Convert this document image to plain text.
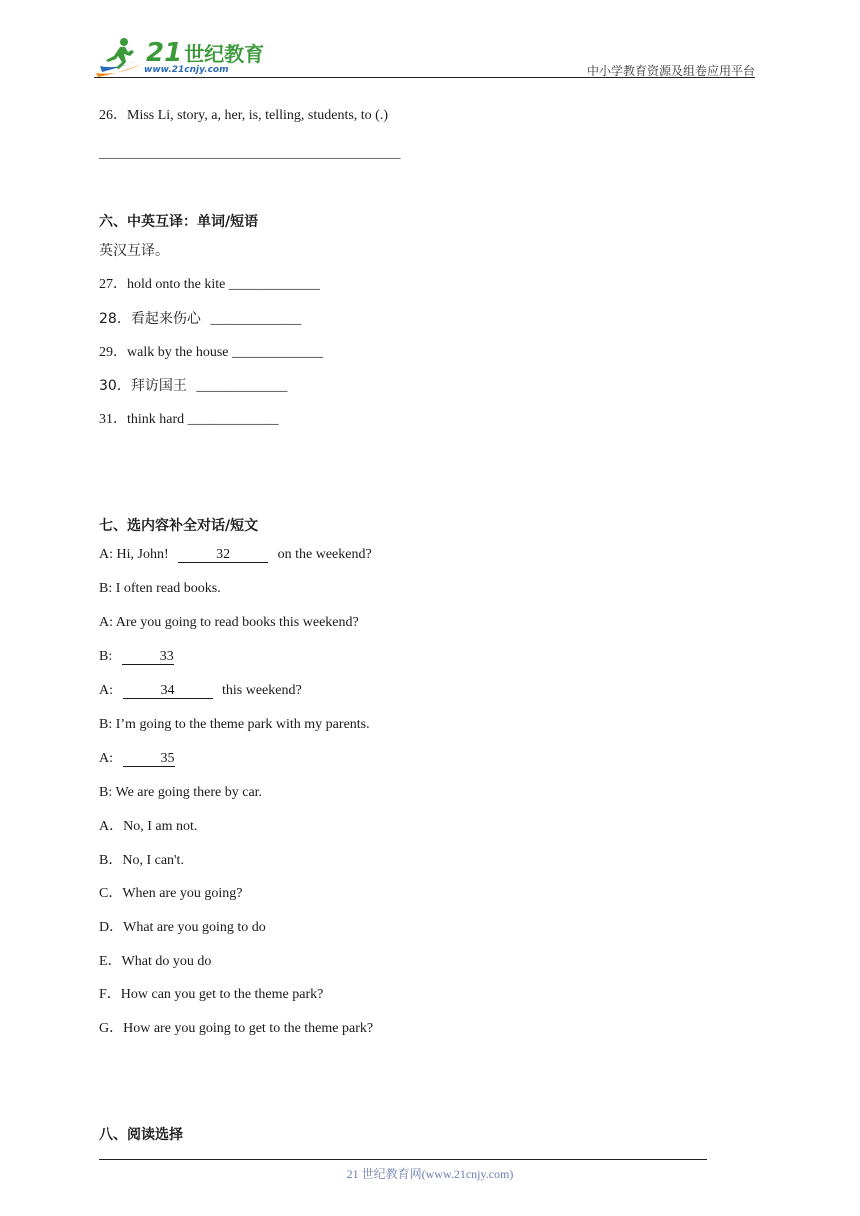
21 世纪教育
www.21cnjy.com	中小学教育资源及组卷应用平台
26．Miss Li, story, a, her, is, telling, students, to (.)
___________________________________________________
六、中英互译：单词/短语
英汉互译。
27．hold onto the kite _____________
28．看起来伤心 _____________
29．walk by the house _____________
30．拜访国王 _____________
31．think hard _____________
七、选内容补全对话/短文
A: Hi, John!	32	on the weekend?
B: I often read books.
A: Are you going to read books this weekend?
B:	33
A:	34	this weekend?
B: I’m going to the theme park with my parents.
A:	35
B: We are going there by car.
A．No, I am not.
B．No, I can't.
C．When are you going?
D．What are you going to do
E．What do you do
F．How can you get to the theme park?
G．How are you going to get to the theme park?
八、阅读选择
21 世纪教育网(www.21cnjy.com)
